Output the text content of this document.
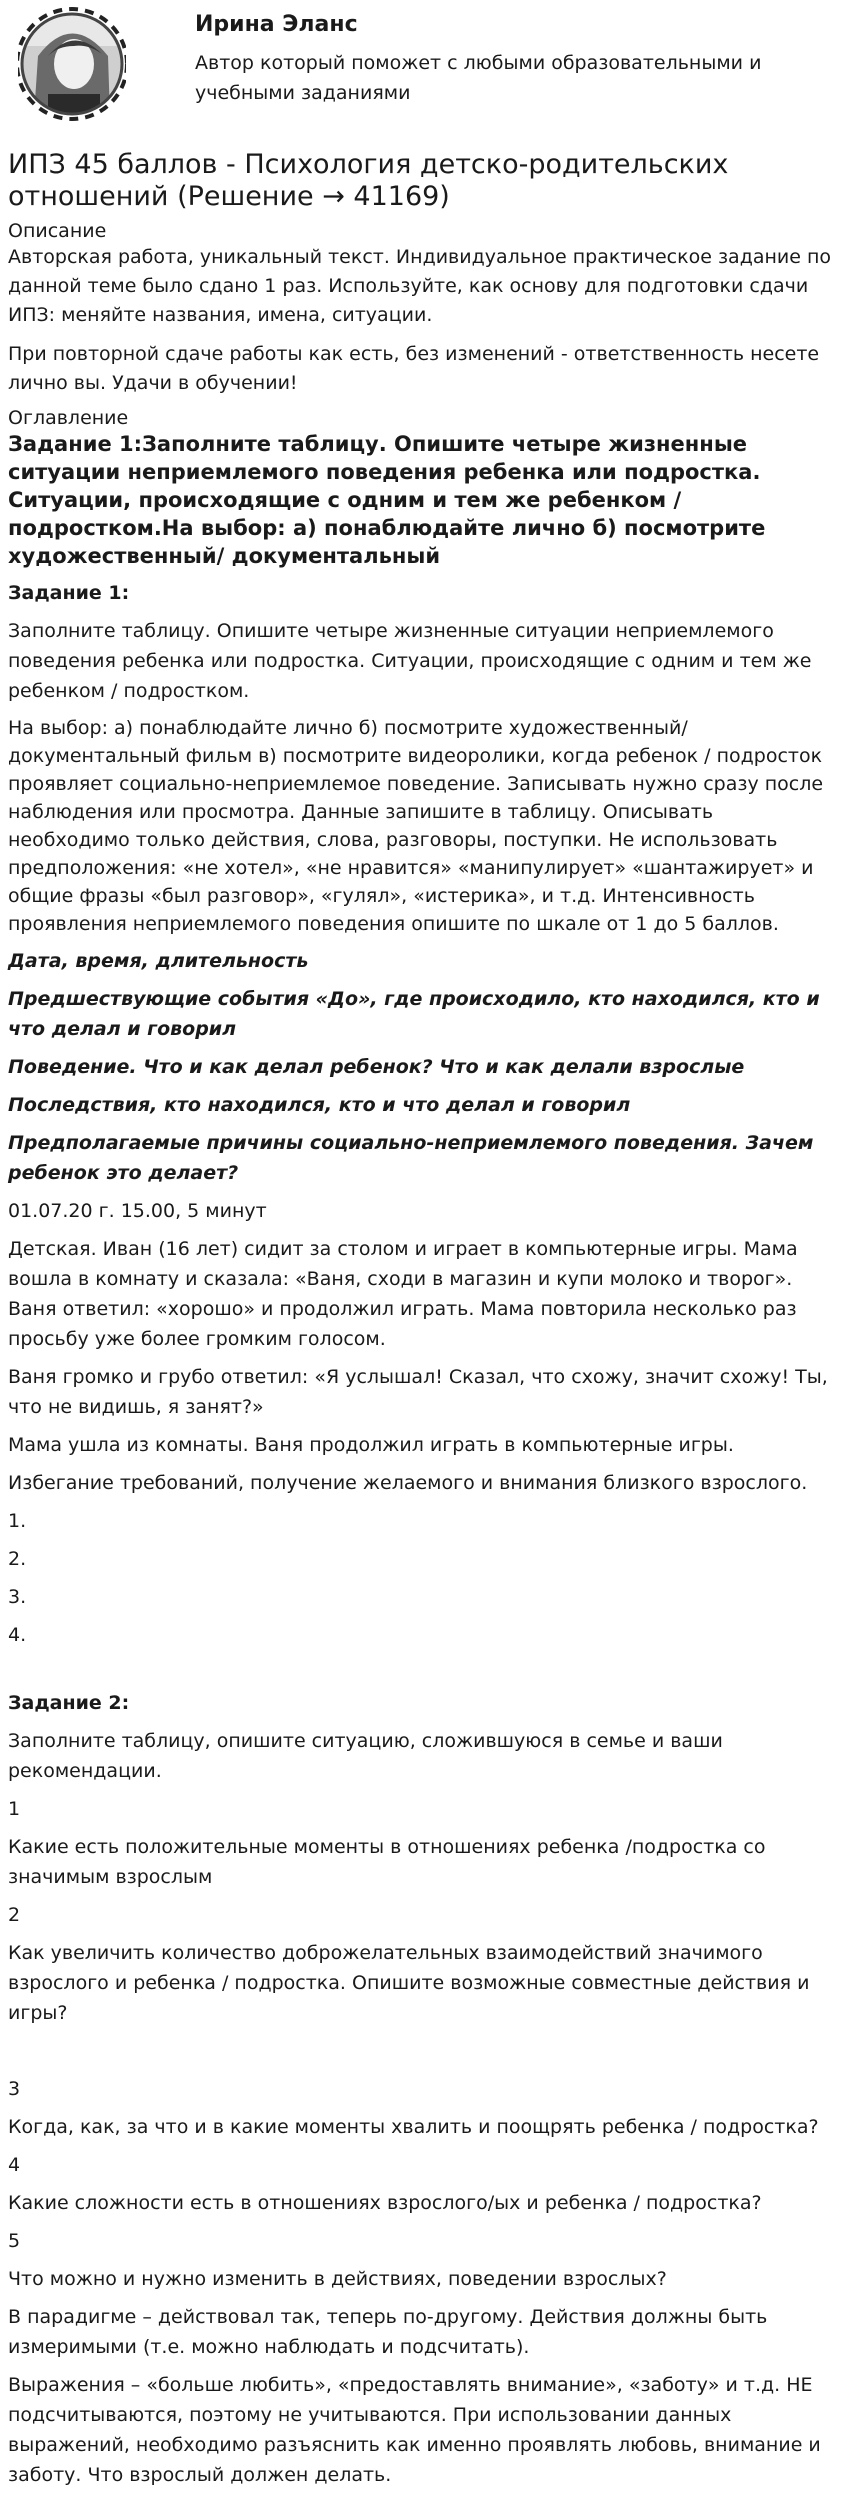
Ирина Эланс

Автор который поможет с любыми образовательными и учебными заданиями

ИПЗ 45 баллов - Психология детско-родительских отношений (Решение → 41169)
Описание

Авторская работа, уникальный текст. Индивидуальное практическое задание по данной теме было сдано 1 раз. Используйте, как основу для подготовки сдачи ИПЗ: меняйте названия, имена, ситуации.

При повторной сдаче работы как есть, без изменений - ответственность несете лично вы. Удачи в обучении!

Оглавление
Задание 1:Заполните таблицу. Опишите четыре жизненные ситуации неприемлемого поведения ребенка или подростка. Ситуации, происходящие с одним и тем же ребенком / подростком.На выбор: а) понаблюдайте лично б) посмотрите художественный/ документальный

Задание 1:

Заполните таблицу. Опишите четыре жизненные ситуации неприемлемого поведения ребенка или подростка. Ситуации, происходящие с одним и тем же ребенком / подростком.

На выбор: а) понаблюдайте лично б) посмотрите художественный/ документальный фильм в) посмотрите видеоролики, когда ребенок / подросток проявляет социально-неприемлемое поведение. Записывать нужно сразу после наблюдения или просмотра. Данные запишите в таблицу. Описывать необходимо только действия, слова, разговоры, поступки. Не использовать предположения: «не хотел», «не нравится» «манипулирует» «шантажирует» и общие фразы «был разговор», «гулял», «истерика», и т.д. Интенсивность проявления неприемлемого поведения опишите по шкале от 1 до 5 баллов.

Дата, время, длительность

Предшествующие события «До», где происходило, кто находился, кто и что делал и говорил

Поведение. Что и как делал ребенок? Что и как делали взрослые

Последствия, кто находился, кто и что делал и говорил

Предполагаемые причины социально-неприемлемого поведения. Зачем ребенок это делает?

01.07.20 г. 15.00, 5 минут

Детская. Иван (16 лет) сидит за столом и играет в компьютерные игры. Мама вошла в комнату и сказала: «Ваня, сходи в магазин и купи молоко и творог». Ваня ответил: «хорошо» и продолжил играть. Мама повторила несколько раз просьбу уже более громким голосом.

Ваня громко и грубо ответил: «Я услышал! Сказал, что схожу, значит схожу! Ты, что не видишь, я занят?»

Мама ушла из комнаты. Ваня продолжил играть в компьютерные игры.

Избегание требований, получение желаемого и внимания близкого взрослого.

1.

2.

3.

4.

Задание 2:

Заполните таблицу, опишите ситуацию, сложившуюся в семье и ваши рекомендации.

1

Какие есть положительные моменты в отношениях ребенка /подростка со значимым взрослым

2

Как увеличить количество доброжелательных взаимодействий значимого взрослого и ребенка / подростка. Опишите возможные совместные действия и игры?

3

Когда, как, за что и в какие моменты хвалить и поощрять ребенка / подростка?

4

Какие сложности есть в отношениях взрослого/ых и ребенка / подростка?

5

Что можно и нужно изменить в действиях, поведении взрослых?

В парадигме – действовал так, теперь по-другому. Действия должны быть измеримыми (т.е. можно наблюдать и подсчитать).

Выражения – «больше любить», «предоставлять внимание», «заботу» и т.д. НЕ подсчитываются, поэтому не учитываются. При использовании данных выражений, необходимо разъяснить как именно проявлять любовь, внимание и заботу. Что взрослый должен делать.
